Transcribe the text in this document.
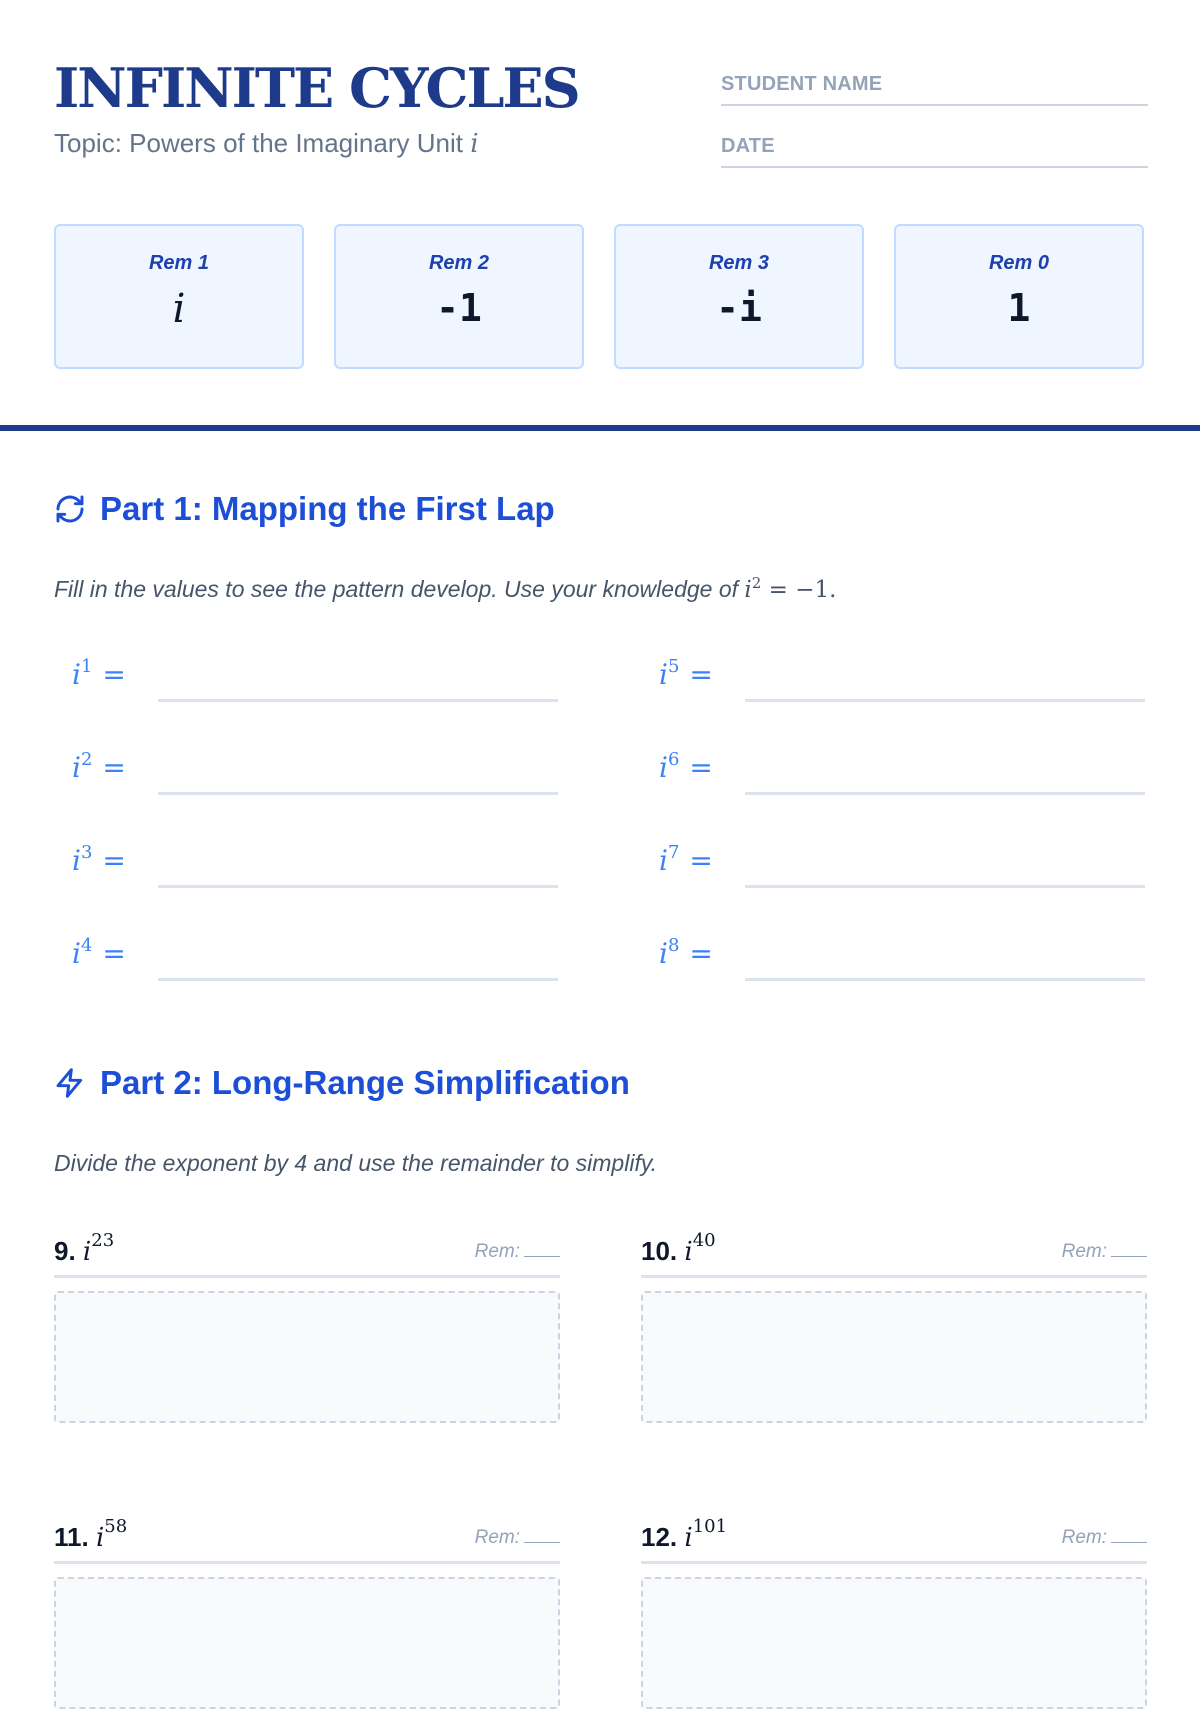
INFINITE CYCLES
Topic: Powers of the Imaginary Unit i
STUDENT NAME
DATE
Rem 1
i
Rem 2
-1
Rem 3
-i
Rem 0
1
Part 1: Mapping the First Lap
Fill in the values to see the pattern develop. Use your knowledge of $i^2 = -1$.
$i^1$ =
$i^2$ =
$i^3$ =
$i^4$ =
$i^5$ =
$i^6$ =
$i^7$ =
$i^8$ =
Part 2: Long-Range Simplification
Divide the exponent by 4 and use the remainder to simplify.
9. $i^{23}$
Rem:	10. $i^{40}$
Rem:
11. $i^{58}$
Rem:	12. $i^{101}$
Rem:
